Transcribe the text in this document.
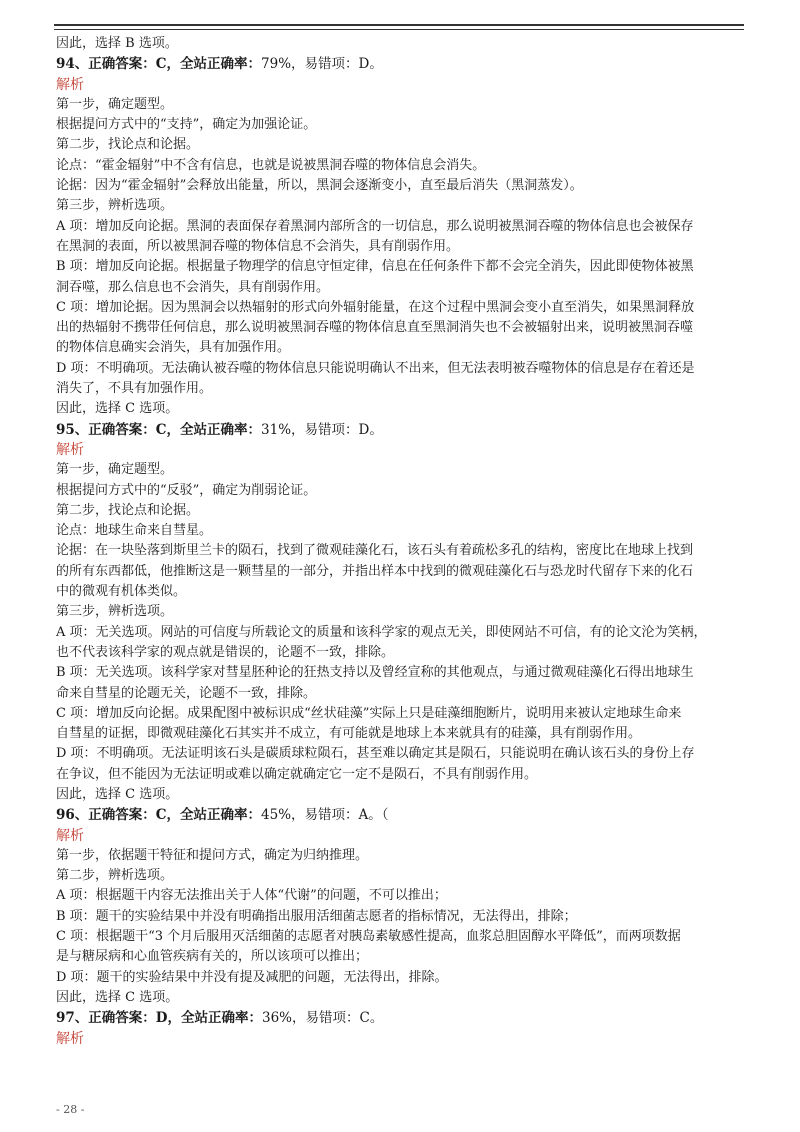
因此，选择 B 选项。
94、正确答案：C，全站正确率：79%，易错项：D。
解析
第一步，确定题型。
根据提问方式中的“支持”，确定为加强论证。
第二步，找论点和论据。
论点：“霍金辐射”中不含有信息，也就是说被黑洞吞噬的物体信息会消失。
论据：因为“霍金辐射”会释放出能量，所以，黑洞会逐渐变小，直至最后消失（黑洞蒸发）。
第三步，辨析选项。
A 项：增加反向论据。黑洞的表面保存着黑洞内部所含的一切信息，那么说明被黑洞吞噬的物体信息也会被保存
在黑洞的表面，所以被黑洞吞噬的物体信息不会消失，具有削弱作用。
B 项：增加反向论据。根据量子物理学的信息守恒定律，信息在任何条件下都不会完全消失，因此即使物体被黑
洞吞噬，那么信息也不会消失，具有削弱作用。
C 项：增加论据。因为黑洞会以热辐射的形式向外辐射能量，在这个过程中黑洞会变小直至消失，如果黑洞释放
出的热辐射不携带任何信息，那么说明被黑洞吞噬的物体信息直至黑洞消失也不会被辐射出来，说明被黑洞吞噬
的物体信息确实会消失，具有加强作用。
D 项：不明确项。无法确认被吞噬的物体信息只能说明确认不出来，但无法表明被吞噬物体的信息是存在着还是
消失了，不具有加强作用。
因此，选择 C 选项。
95、正确答案：C，全站正确率：31%，易错项：D。
解析
第一步，确定题型。
根据提问方式中的“反驳”，确定为削弱论证。
第二步，找论点和论据。
论点：地球生命来自彗星。
论据：在一块坠落到斯里兰卡的陨石，找到了微观硅藻化石，该石头有着疏松多孔的结构，密度比在地球上找到
的所有东西都低，他推断这是一颗彗星的一部分，并指出样本中找到的微观硅藻化石与恐龙时代留存下来的化石
中的微观有机体类似。
第三步，辨析选项。
A 项：无关选项。网站的可信度与所载论文的质量和该科学家的观点无关，即使网站不可信，有的论文沦为笑柄，
也不代表该科学家的观点就是错误的，论题不一致，排除。
B 项：无关选项。该科学家对彗星胚种论的狂热支持以及曾经宣称的其他观点，与通过微观硅藻化石得出地球生
命来自彗星的论题无关，论题不一致，排除。
C 项：增加反向论据。成果配图中被标识成“丝状硅藻”实际上只是硅藻细胞断片，说明用来被认定地球生命来
自彗星的证据，即微观硅藻化石其实并不成立，有可能就是地球上本来就具有的硅藻，具有削弱作用。
D 项：不明确项。无法证明该石头是碳质球粒陨石，甚至难以确定其是陨石，只能说明在确认该石头的身份上存
在争议，但不能因为无法证明或难以确定就确定它一定不是陨石，不具有削弱作用。
因此，选择 C 选项。
96、正确答案：C，全站正确率：45%，易错项：A。（
解析
第一步，依据题干特征和提问方式，确定为归纳推理。
第二步，辨析选项。
A 项：根据题干内容无法推出关于人体“代谢”的问题，不可以推出；
B 项：题干的实验结果中并没有明确指出服用活细菌志愿者的指标情况，无法得出，排除；
C 项：根据题干“3 个月后服用灭活细菌的志愿者对胰岛素敏感性提高，血浆总胆固醇水平降低”，而两项数据
是与糖尿病和心血管疾病有关的，所以该项可以推出；
D 项：题干的实验结果中并没有提及减肥的问题，无法得出，排除。
因此，选择 C 选项。
97、正确答案：D，全站正确率：36%，易错项：C。
解析
- 28 -
